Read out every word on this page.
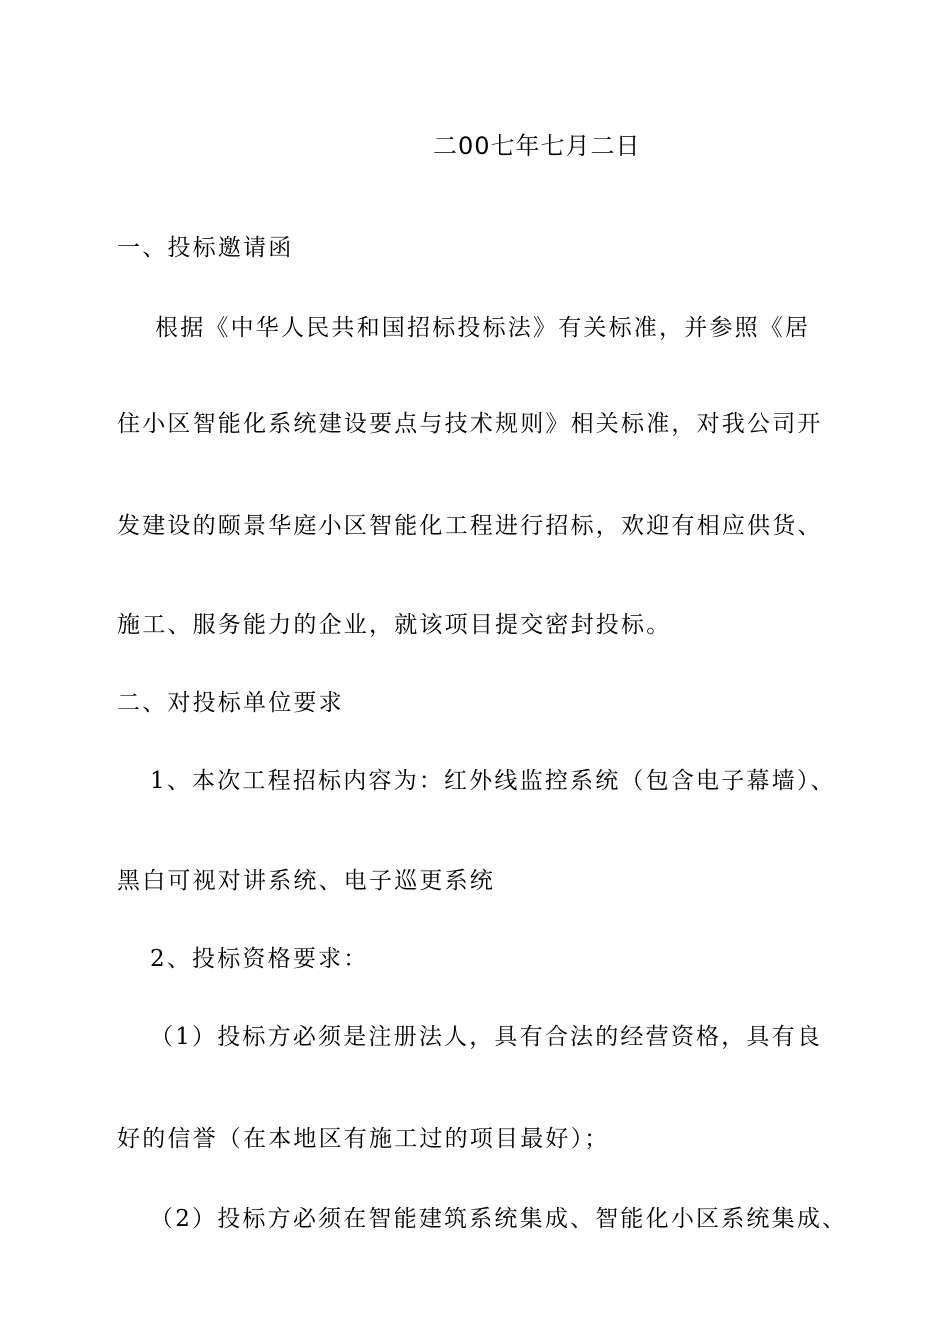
二00七年七月二日

一、投标邀请函

根据《中华人民共和国招标投标法》有关标准，并参照《居

住小区智能化系统建设要点与技术规则》相关标准，对我公司开

发建设的颐景华庭小区智能化工程进行招标，欢迎有相应供货、

施工、服务能力的企业，就该项目提交密封投标。

二、对投标单位要求

1、本次工程招标内容为：红外线监控系统（包含电子幕墙）、

黑白可视对讲系统、电子巡更系统

2、投标资格要求：

（1）投标方必须是注册法人，具有合法的经营资格，具有良

好的信誉（在本地区有施工过的项目最好）；

（2）投标方必须在智能建筑系统集成、智能化小区系统集成、
